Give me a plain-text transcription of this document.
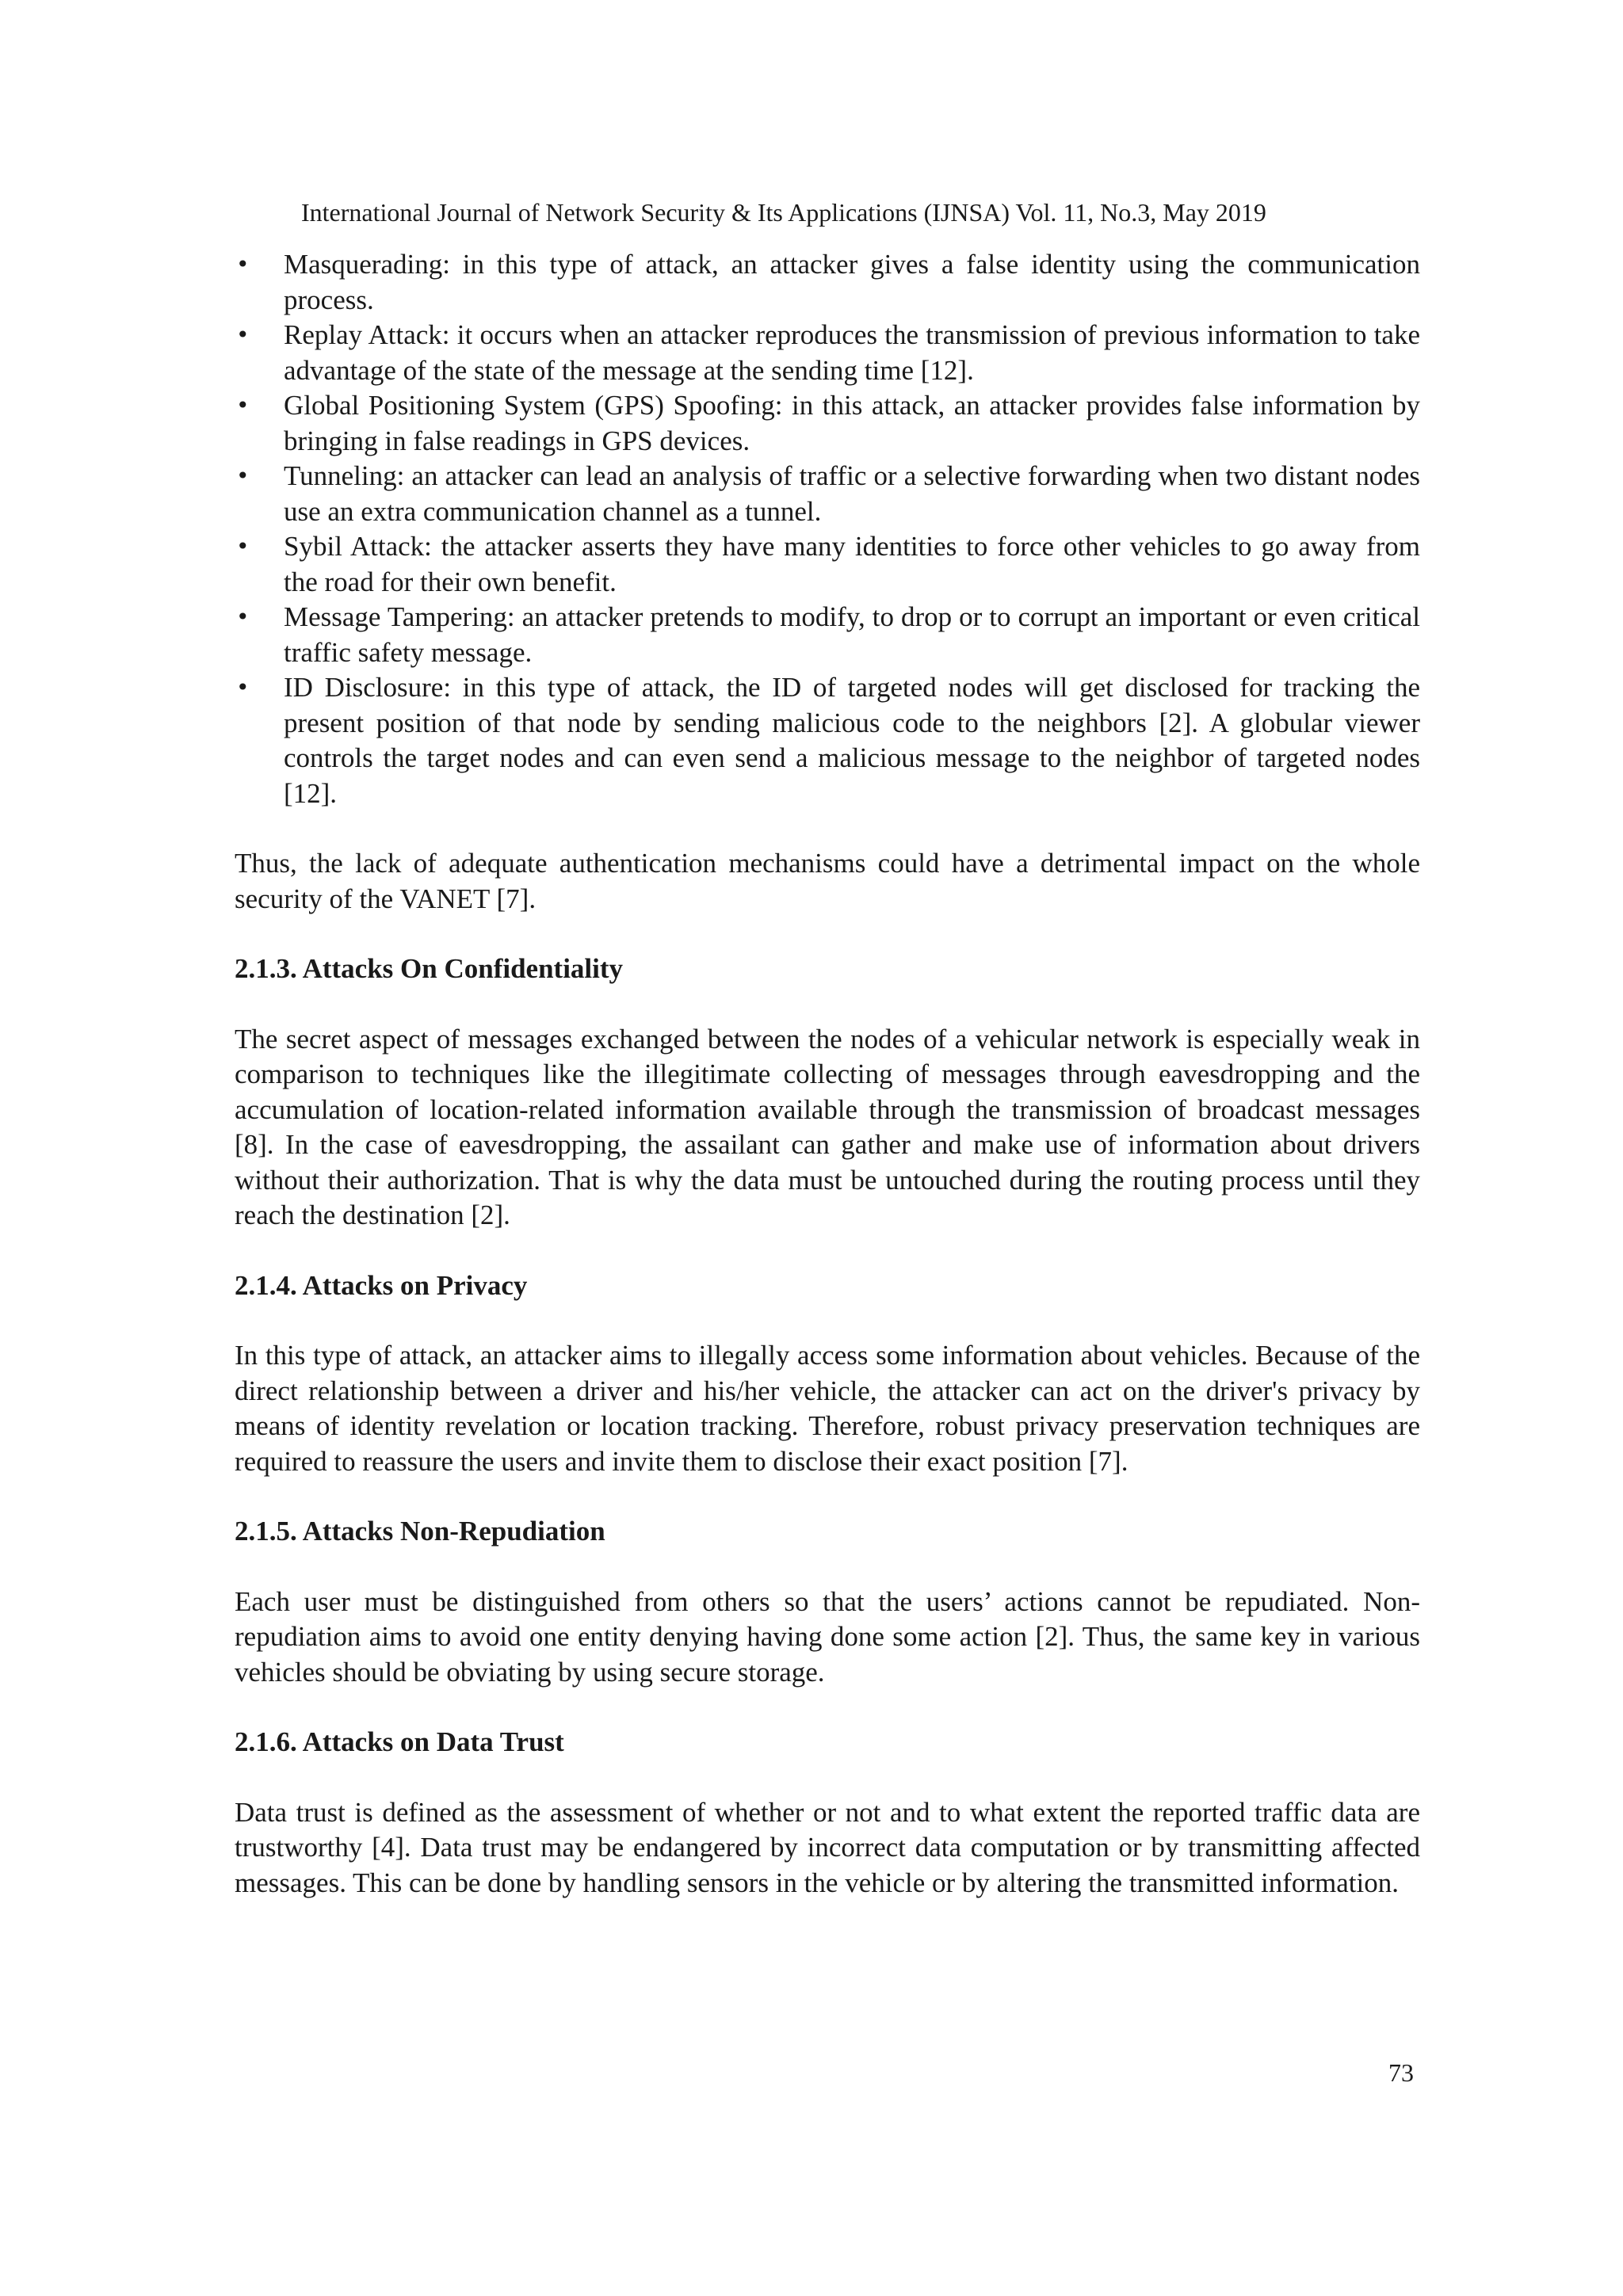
International Journal of Network Security & Its Applications (IJNSA) Vol. 11, No.3, May 2019
• Masquerading: in this type of attack, an attacker gives a false identity using the communication process.
• Replay Attack: it occurs when an attacker reproduces the transmission of previous information to take advantage of the state of the message at the sending time [12].
• Global Positioning System (GPS) Spoofing: in this attack, an attacker provides false information by bringing in false readings in GPS devices.
• Tunneling: an attacker can lead an analysis of traffic or a selective forwarding when two distant nodes use an extra communication channel as a tunnel.
• Sybil Attack: the attacker asserts they have many identities to force other vehicles to go away from the road for their own benefit.
• Message Tampering: an attacker pretends to modify, to drop or to corrupt an important or even critical traffic safety message.
• ID Disclosure: in this type of attack, the ID of targeted nodes will get disclosed for tracking the present position of that node by sending malicious code to the neighbors [2]. A globular viewer controls the target nodes and can even send a malicious message to the neighbor of targeted nodes [12].

Thus, the lack of adequate authentication mechanisms could have a detrimental impact on the whole security of the VANET [7].

2.1.3. Attacks On Confidentiality

The secret aspect of messages exchanged between the nodes of a vehicular network is especially weak in comparison to techniques like the illegitimate collecting of messages through eavesdropping and the accumulation of location-related information available through the transmission of broadcast messages [8]. In the case of eavesdropping, the assailant can gather and make use of information about drivers without their authorization. That is why the data must be untouched during the routing process until they reach the destination [2].

2.1.4. Attacks on Privacy

In this type of attack, an attacker aims to illegally access some information about vehicles. Because of the direct relationship between a driver and his/her vehicle, the attacker can act on the driver's privacy by means of identity revelation or location tracking. Therefore, robust privacy preservation techniques are required to reassure the users and invite them to disclose their exact position [7].

2.1.5. Attacks Non-Repudiation

Each user must be distinguished from others so that the users’ actions cannot be repudiated. Non-repudiation aims to avoid one entity denying having done some action [2]. Thus, the same key in various vehicles should be obviating by using secure storage.

2.1.6. Attacks on Data Trust

Data trust is defined as the assessment of whether or not and to what extent the reported traffic data are trustworthy [4]. Data trust may be endangered by incorrect data computation or by transmitting affected messages. This can be done by handling sensors in the vehicle or by altering the transmitted information.

73
